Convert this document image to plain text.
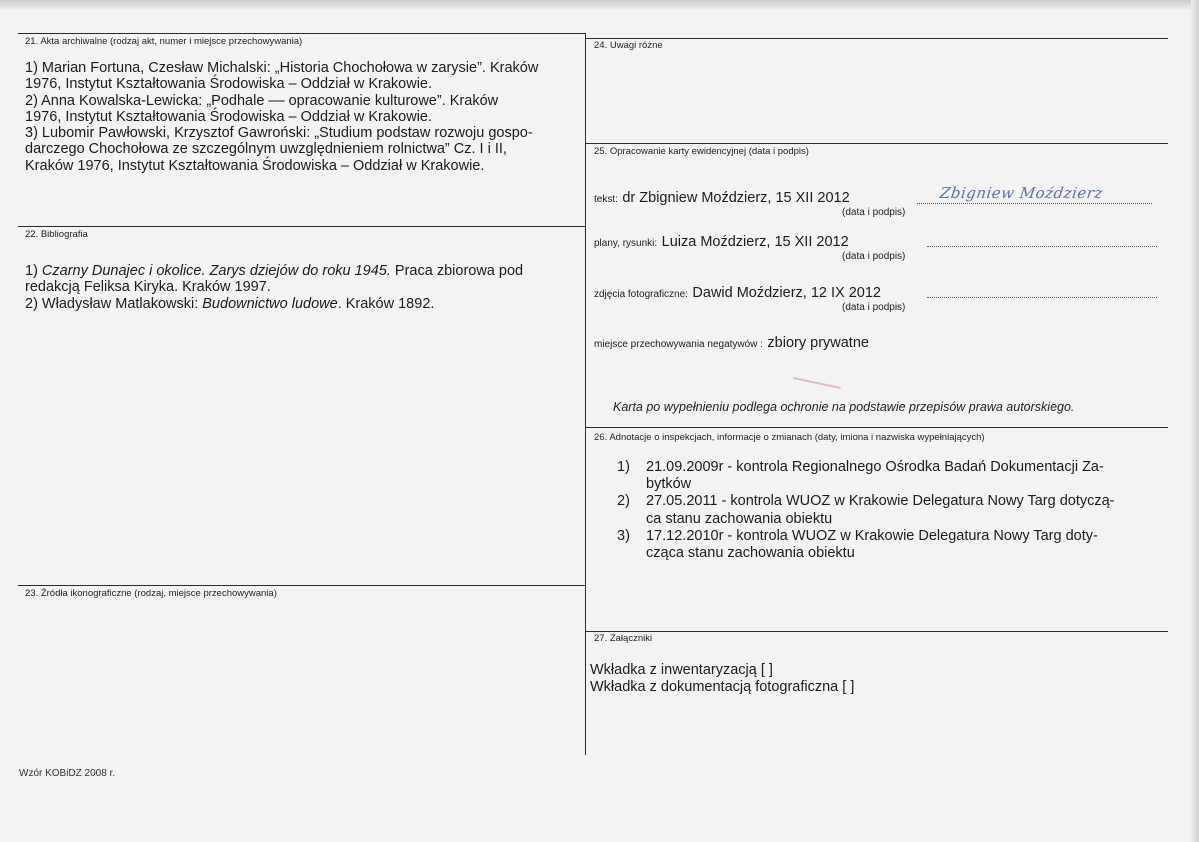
21. Akta archiwalne (rodzaj akt, numer i miejsce przechowywania)
1) Marian Fortuna, Czesław Michalski: „Historia Chochołowa w zarysie”. Kraków
1976, Instytut Kształtowania Środowiska – Oddział w Krakowie.
2) Anna Kowalska-Lewicka: „Podhale –– opracowanie kulturowe”. Kraków
1976, Instytut Kształtowania Środowiska – Oddział w Krakowie.
3) Lubomir Pawłowski, Krzysztof Gawroński: „Studium podstaw rozwoju gospo-
darczego Chochołowa ze szczególnym uwzględnieniem rolnictwa” Cz. I i II,
Kraków 1976, Instytut Kształtowania Środowiska – Oddział w Krakowie.
22. Bibliografia
1) Czarny Dunajec i okolice. Zarys dziejów do roku 1945. Praca zbiorowa pod
redakcją Feliksa Kiryka. Kraków 1997.
2) Władysław Matlakowski: Budownictwo ludowe. Kraków 1892.
23. Źródła ikonograficzne (rodzaj, miejsce przechowywania)
Wzór KOBiDZ 2008 r.
24. Uwagi różne
25. Opracowanie karty ewidencyjnej (data i podpis)
tekst: dr Zbigniew Moździerz, 15 XII 2012	Zbigniew Moździerz
(data i podpis)
plany, rysunki: Luiza Moździerz, 15 XII 2012
(data i podpis)
zdjęcia fotograficzne: Dawid Moździerz, 12 IX 2012
(data i podpis)
miejsce przechowywania negatywów : zbiory prywatne
Karta po wypełnieniu podlega ochronie na podstawie przepisów prawa autorskiego.
26. Adnotacje o inspekcjach, informacje o zmianach (daty, imiona i nazwiska wypełniających)
1) 21.09.2009r - kontrola Regionalnego Ośrodka Badań Dokumentacji Za-
bytków
2) 27.05.2011 - kontrola WUOZ w Krakowie Delegatura Nowy Targ dotyczą-
ca stanu zachowania obiektu
3) 17.12.2010r - kontrola WUOZ w Krakowie Delegatura Nowy Targ doty-
cząca stanu zachowania obiektu
27. Załączniki
Wkładka z inwentaryzacją [ ]
Wkładka z dokumentacją fotograficzna [ ]
